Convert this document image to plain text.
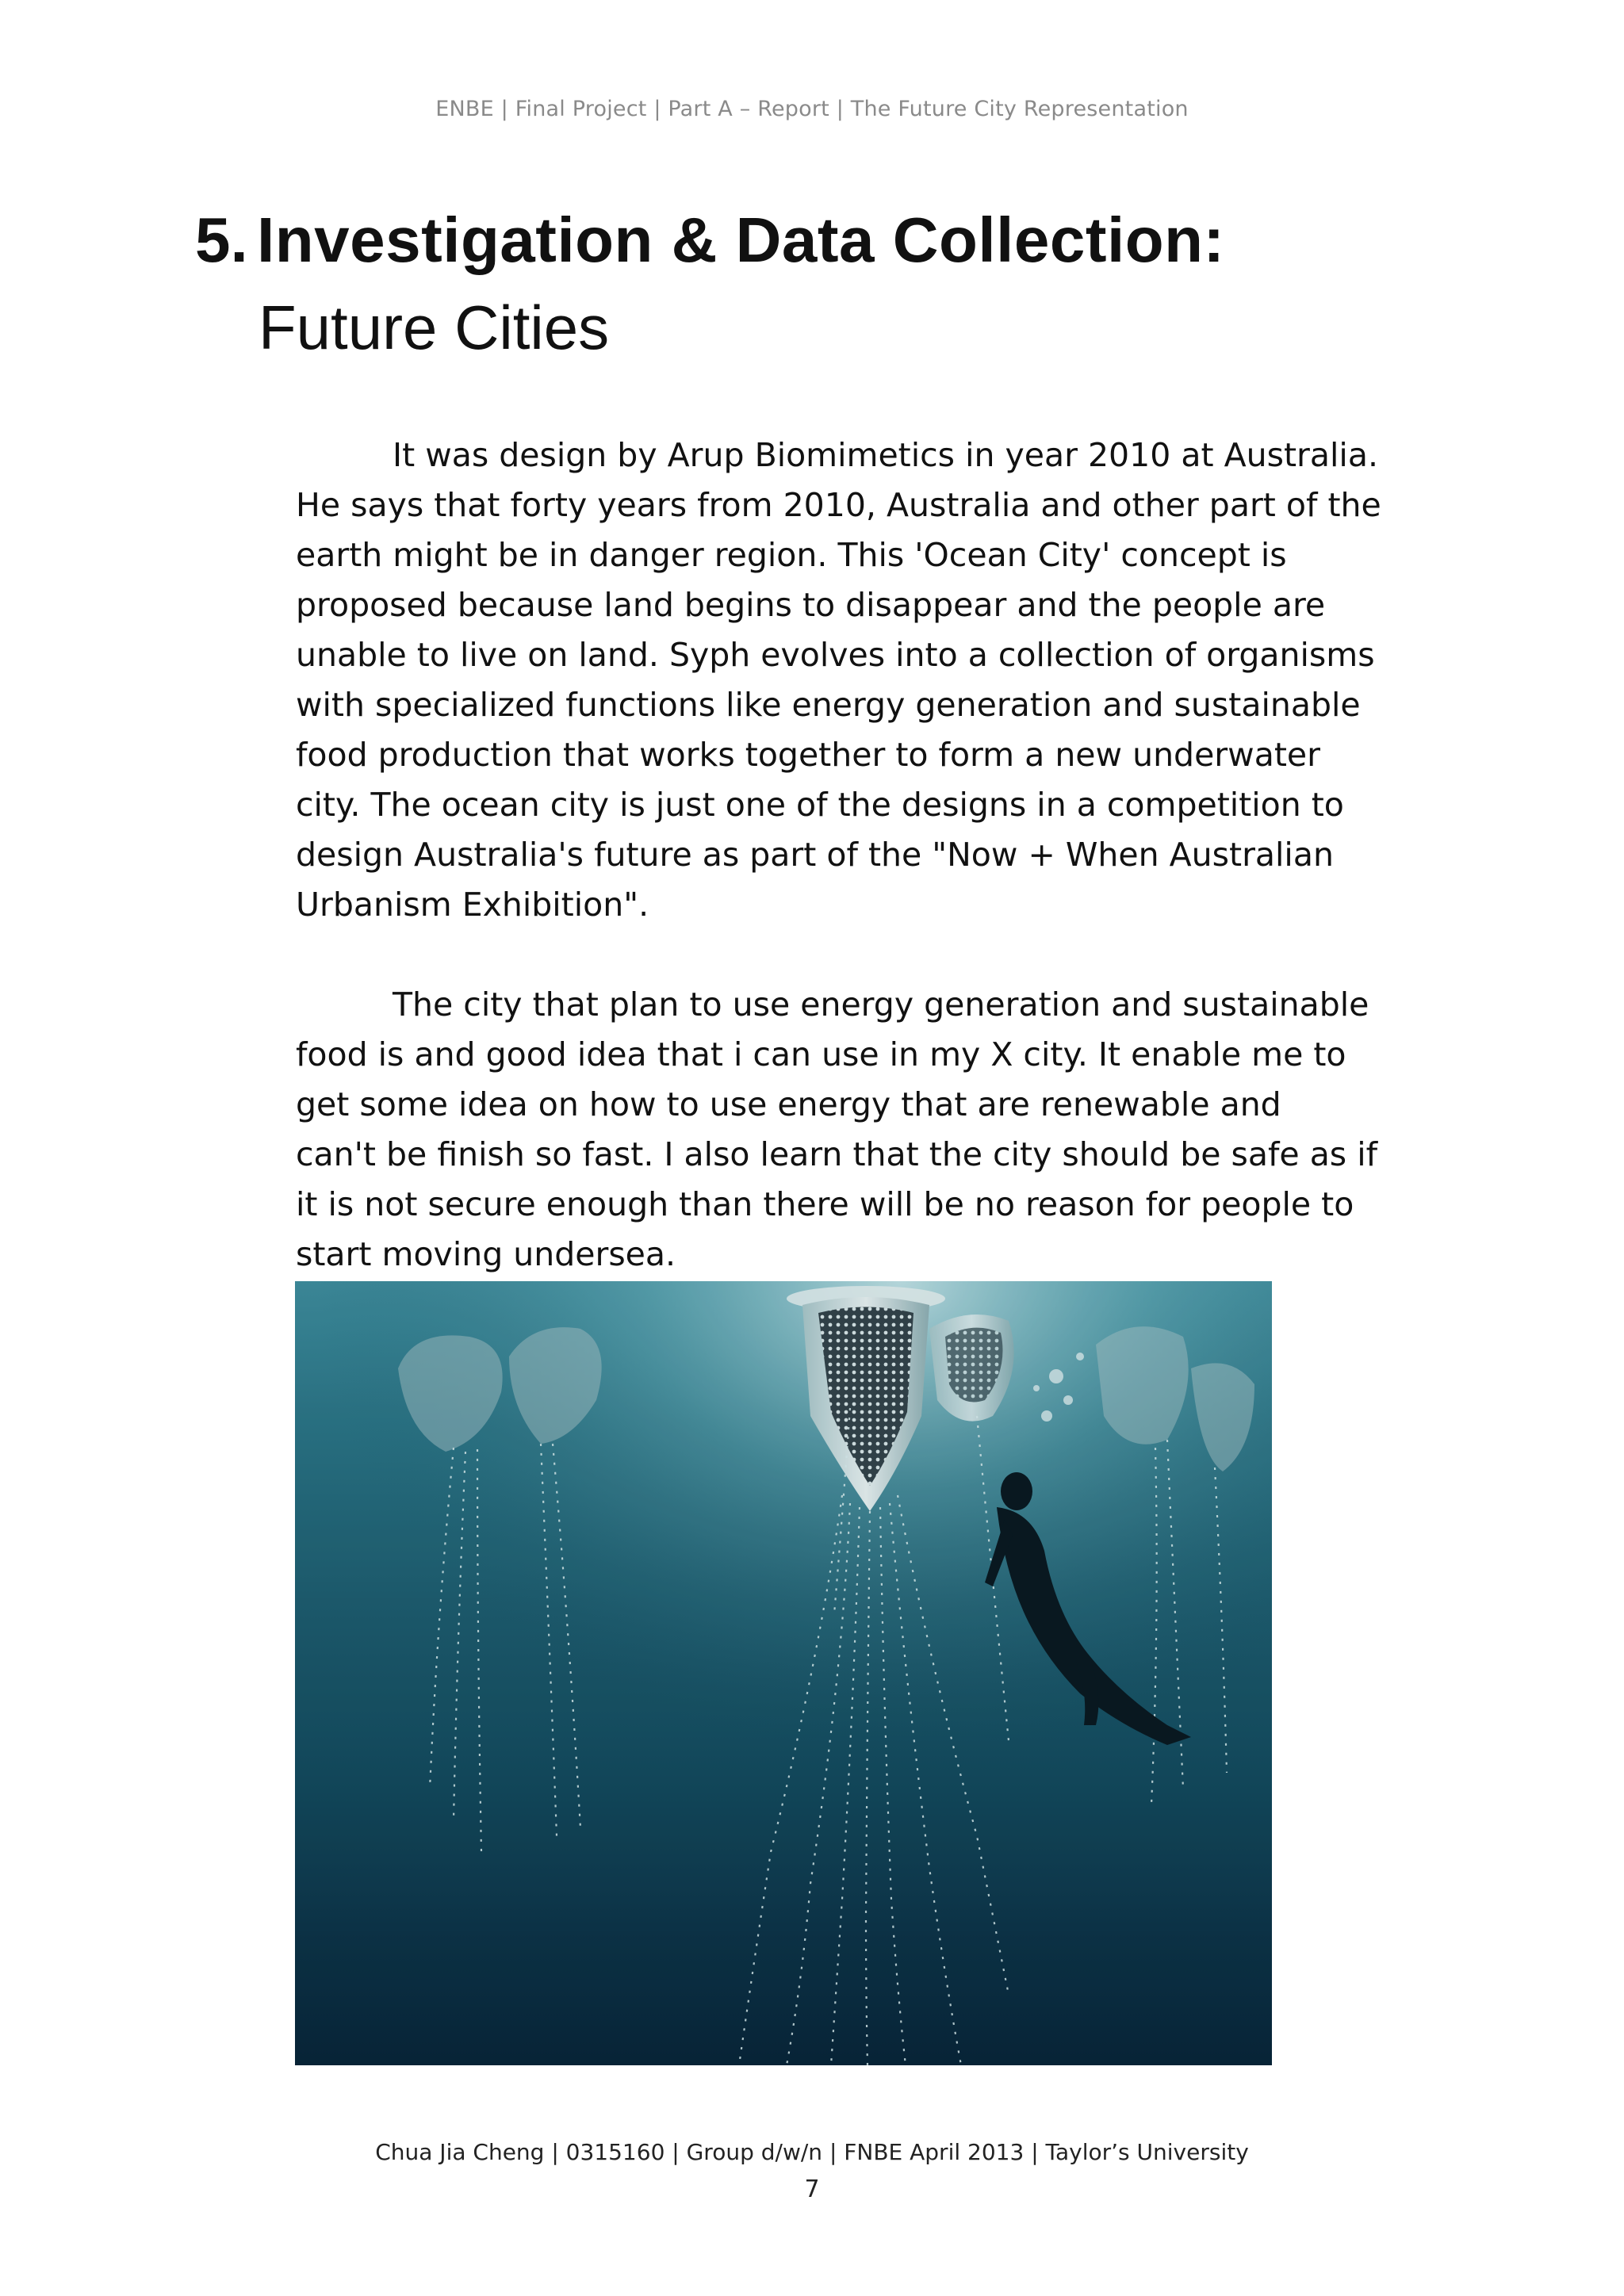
ENBE | Final Project | Part A – Report | The Future City Representation
5. Investigation & Data Collection:
Future Cities
It was design by Arup Biomimetics in year 2010 at Australia.
He says that forty years from 2010, Australia and other part of the
earth might be in danger region. This 'Ocean City' concept is
proposed because land begins to disappear and the people are
unable to live on land. Syph evolves into a collection of organisms
with specialized functions like energy generation and sustainable
food production that works together to form a new underwater
city. The ocean city is just one of the designs in a competition to
design Australia's future as part of the "Now + When Australian
Urbanism Exhibition".
The city that plan to use energy generation and sustainable
food is and good idea that i can use in my X city. It enable me to
get some idea on how to use energy that are renewable and
can't be finish so fast. I also learn that the city should be safe as if
it is not secure enough than there will be no reason for people to
start moving undersea.
Chua Jia Cheng | 0315160 | Group d/w/n | FNBE April 2013 | Taylor’s University
7
